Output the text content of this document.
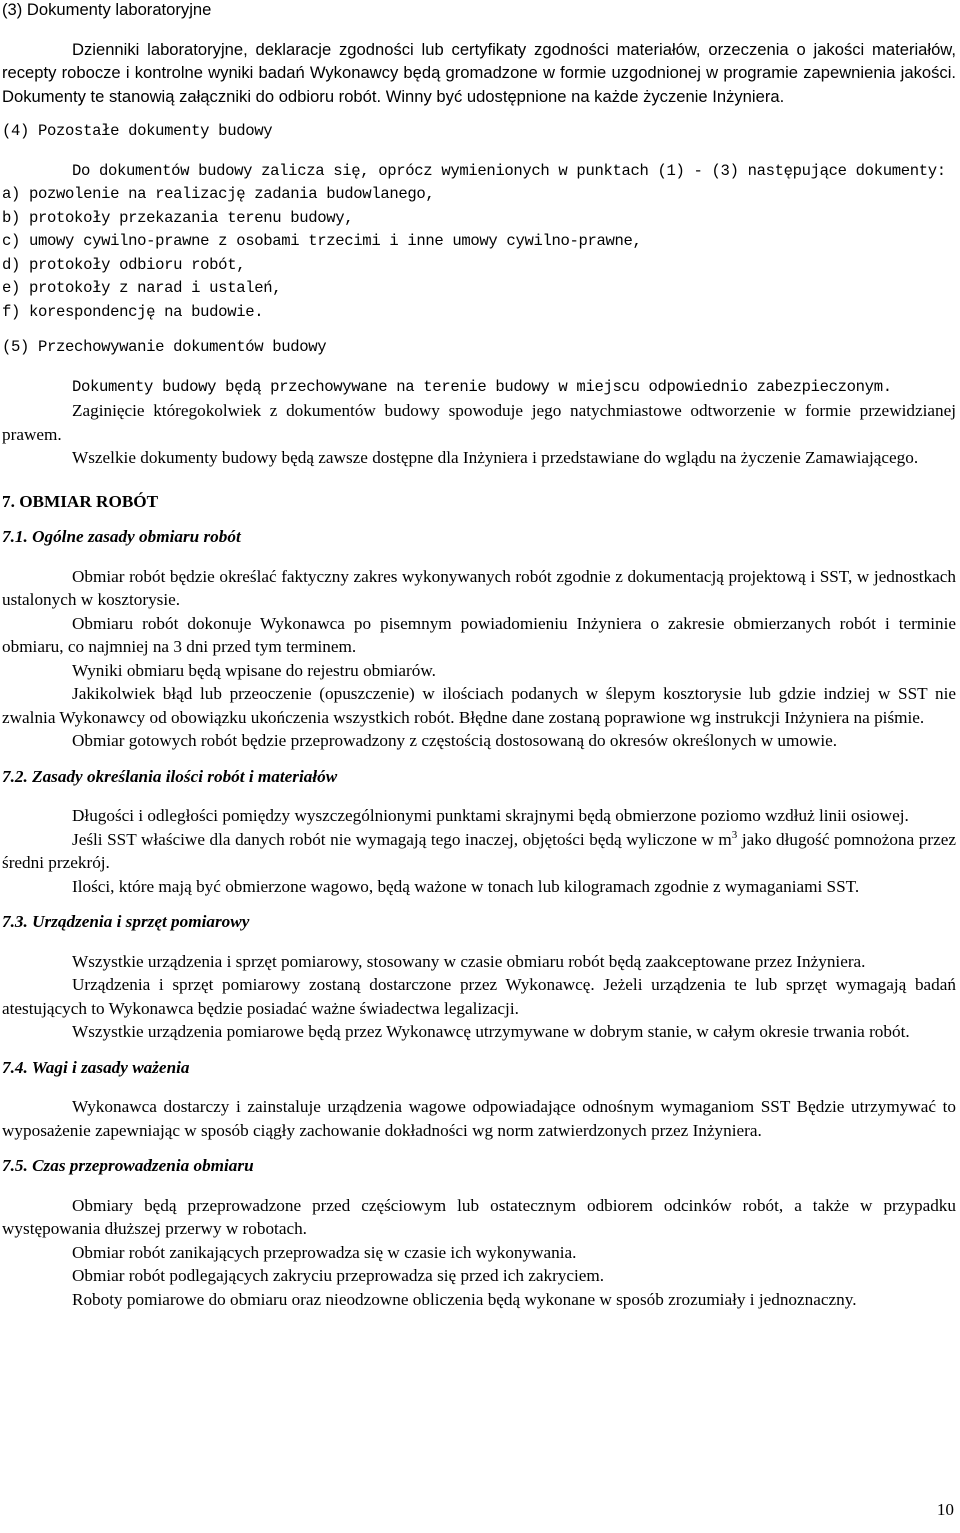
(3) Dokumenty laboratoryjne

Dzienniki laboratoryjne, deklaracje zgodności lub certyfikaty zgodności materiałów, orzeczenia o jakości materiałów, recepty robocze i kontrolne wyniki badań Wykonawcy będą gromadzone w formie uzgodnionej w programie zapewnienia jakości. Dokumenty te stanowią załączniki do odbioru robót. Winny być udostępnione na każde życzenie Inżyniera.

(4) Pozostałe dokumenty budowy

Do dokumentów budowy zalicza się, oprócz wymienionych w punktach (1) - (3) następujące dokumenty:

a) pozwolenie na realizację zadania budowlanego,
b) protokoły przekazania terenu budowy,
c) umowy cywilno-prawne z osobami trzecimi i inne umowy cywilno-prawne,
d) protokoły odbioru robót,
e) protokoły z narad i ustaleń,
f) korespondencję na budowie.

(5) Przechowywanie dokumentów budowy

Dokumenty budowy będą przechowywane na terenie budowy w miejscu odpowiednio zabezpieczonym.

Zaginięcie któregokolwiek z dokumentów budowy spowoduje jego natychmiastowe odtworzenie w formie przewidzianej prawem.

Wszelkie dokumenty budowy będą zawsze dostępne dla Inżyniera i przedstawiane do wglądu na życzenie Zamawiającego.

7. OBMIAR ROBÓT

7.1. Ogólne zasady obmiaru robót

Obmiar robót będzie określać faktyczny zakres wykonywanych robót zgodnie z dokumentacją projektową i SST, w jednostkach ustalonych w kosztorysie.

Obmiaru robót dokonuje Wykonawca po pisemnym powiadomieniu Inżyniera o zakresie obmierzanych robót i terminie obmiaru, co najmniej na 3 dni przed tym terminem.

Wyniki obmiaru będą wpisane do rejestru obmiarów.

Jakikolwiek błąd lub przeoczenie (opuszczenie) w ilościach podanych w ślepym kosztorysie lub gdzie indziej w SST nie zwalnia Wykonawcy od obowiązku ukończenia wszystkich robót. Błędne dane zostaną poprawione wg instrukcji Inżyniera na piśmie.

Obmiar gotowych robót będzie przeprowadzony z częstością dostosowaną do okresów określonych w umowie.

7.2. Zasady określania ilości robót i materiałów

Długości i odległości pomiędzy wyszczególnionymi punktami skrajnymi będą obmierzone poziomo wzdłuż linii osiowej.

Jeśli SST właściwe dla danych robót nie wymagają tego inaczej, objętości będą wyliczone w $m^3$ jako długość pomnożona przez średni przekrój.

Ilości, które mają być obmierzone wagowo, będą ważone w tonach lub kilogramach zgodnie z wymaganiami SST.

7.3. Urządzenia i sprzęt pomiarowy

Wszystkie urządzenia i sprzęt pomiarowy, stosowany w czasie obmiaru robót będą zaakceptowane przez Inżyniera.

Urządzenia i sprzęt pomiarowy zostaną dostarczone przez Wykonawcę. Jeżeli urządzenia te lub sprzęt wymagają badań atestujących to Wykonawca będzie posiadać ważne świadectwa legalizacji.

Wszystkie urządzenia pomiarowe będą przez Wykonawcę utrzymywane w dobrym stanie, w całym okresie trwania robót.

7.4. Wagi i zasady ważenia

Wykonawca dostarczy i zainstaluje urządzenia wagowe odpowiadające odnośnym wymaganiom SST Będzie utrzymywać to wyposażenie zapewniając w sposób ciągły zachowanie dokładności wg norm zatwierdzonych przez Inżyniera.

7.5. Czas przeprowadzenia obmiaru

Obmiary będą przeprowadzone przed częściowym lub ostatecznym odbiorem odcinków robót, a także w przypadku występowania dłuższej przerwy w robotach.

Obmiar robót zanikających przeprowadza się w czasie ich wykonywania.

Obmiar robót podlegających zakryciu przeprowadza się przed ich zakryciem.

Roboty pomiarowe do obmiaru oraz nieodzowne obliczenia będą wykonane w sposób zrozumiały i jednoznaczny.

10
